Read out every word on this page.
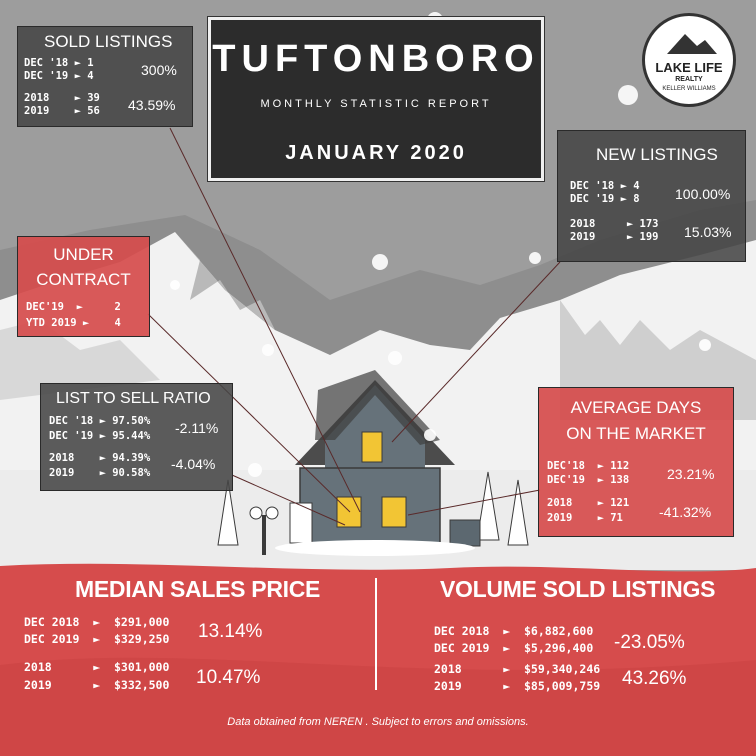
TUFTONBORO
MONTHLY STATISTIC REPORT
JANUARY 2020
LAKE LIFE
REALTY
KELLER WILLIAMS
SOLD LISTINGS
DEC '18 ► 1
DEC '19 ► 4	300%
2018    ► 39
2019    ► 56 43.59%
NEW LISTINGS
DEC '18 ► 4
DEC '19 ► 8	100.00%
2018     ► 173
2019     ► 199 15.03%
UNDER
CONTRACT
DEC'19  ►     2
YTD 2019 ►    4
LIST TO SELL RATIO
DEC '18 ► 97.50%
DEC '19 ► 95.44% -2.11%
2018    ► 94.39%
2019    ► 90.58%
-4.04%
AVERAGE DAYS
ON THE MARKET
DEC'18  ► 112
DEC'19  ► 138	23.21%
2018    ► 121
2019    ► 71	-41.32%
MEDIAN SALES PRICE
DEC 2018  ►  $291,000
DEC 2019  ►  $329,250 13.14%
2018      ►  $301,000
2019      ►  $332,500 10.47%
VOLUME SOLD LISTINGS
DEC 2018  ►  $6,882,600
DEC 2019  ►  $5,296,400 -23.05%
2018      ►  $59,340,246
2019      ►  $85,009,759 43.26%
Data obtained from NEREN . Subject to errors and omissions.
